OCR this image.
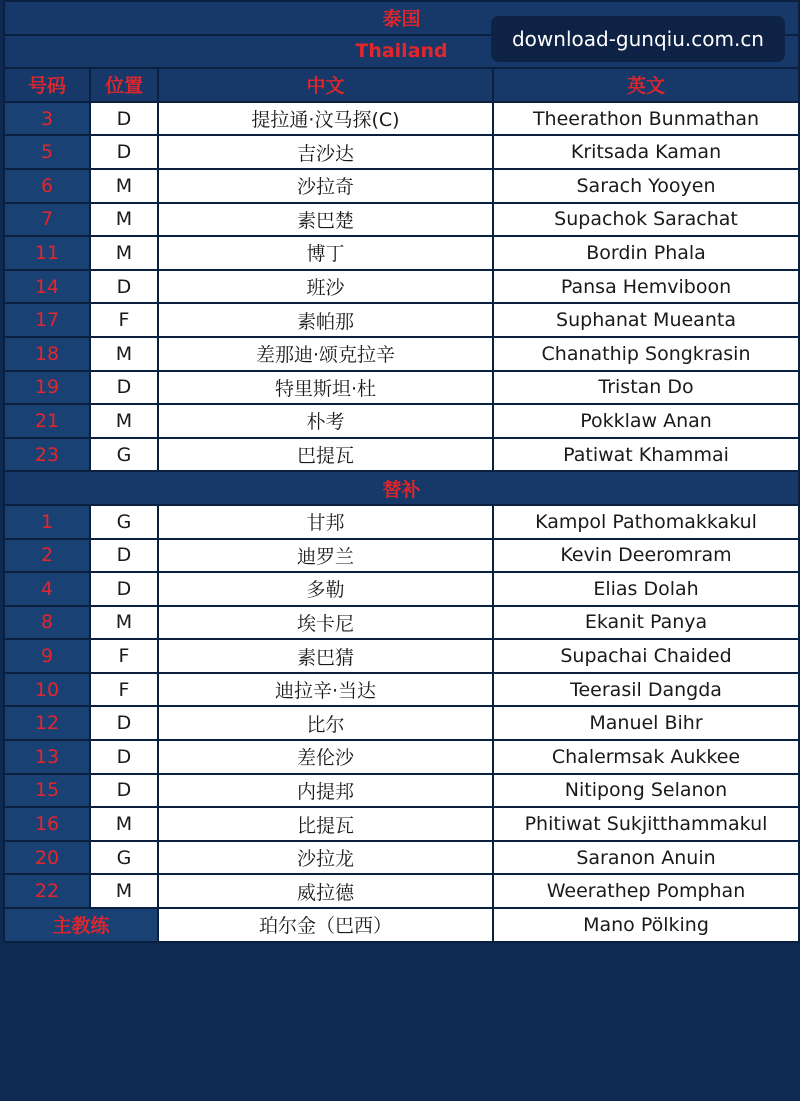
泰国			
Thailand			
号码	位置	中文	英文
3	D	提拉通·汶马探(C)	Theerathon Bunmathan
5	D	吉沙达	Kritsada Kaman
6	M	沙拉奇	Sarach Yooyen
7	M	素巴楚	Supachok Sarachat
11	M	博丁	Bordin Phala
14	D	班沙	Pansa Hemviboon
17	F	素帕那	Suphanat Mueanta
18	M	差那迪·颂克拉辛	Chanathip Songkrasin
19	D	特里斯坦·杜	Tristan Do
21	M	朴考	Pokklaw Anan
23	G	巴提瓦	Patiwat Khammai
替补			
1	G	甘邦	Kampol Pathomakkakul
2	D	迪罗兰	Kevin Deeromram
4	D	多勒	Elias Dolah
8	M	埃卡尼	Ekanit Panya
9	F	素巴猜	Supachai Chaided
10	F	迪拉辛·当达	Teerasil Dangda
12	D	比尔	Manuel Bihr
13	D	差伦沙	Chalermsak Aukkee
15	D	内提邦	Nitipong Selanon
16	M	比提瓦	Phitiwat Sukjitthammakul
20	G	沙拉龙	Saranon Anuin
22	M	威拉德	Weerathep Pomphan
主教练		珀尔金（巴西）	Mano Pölking
download-gunqiu.com.cn
